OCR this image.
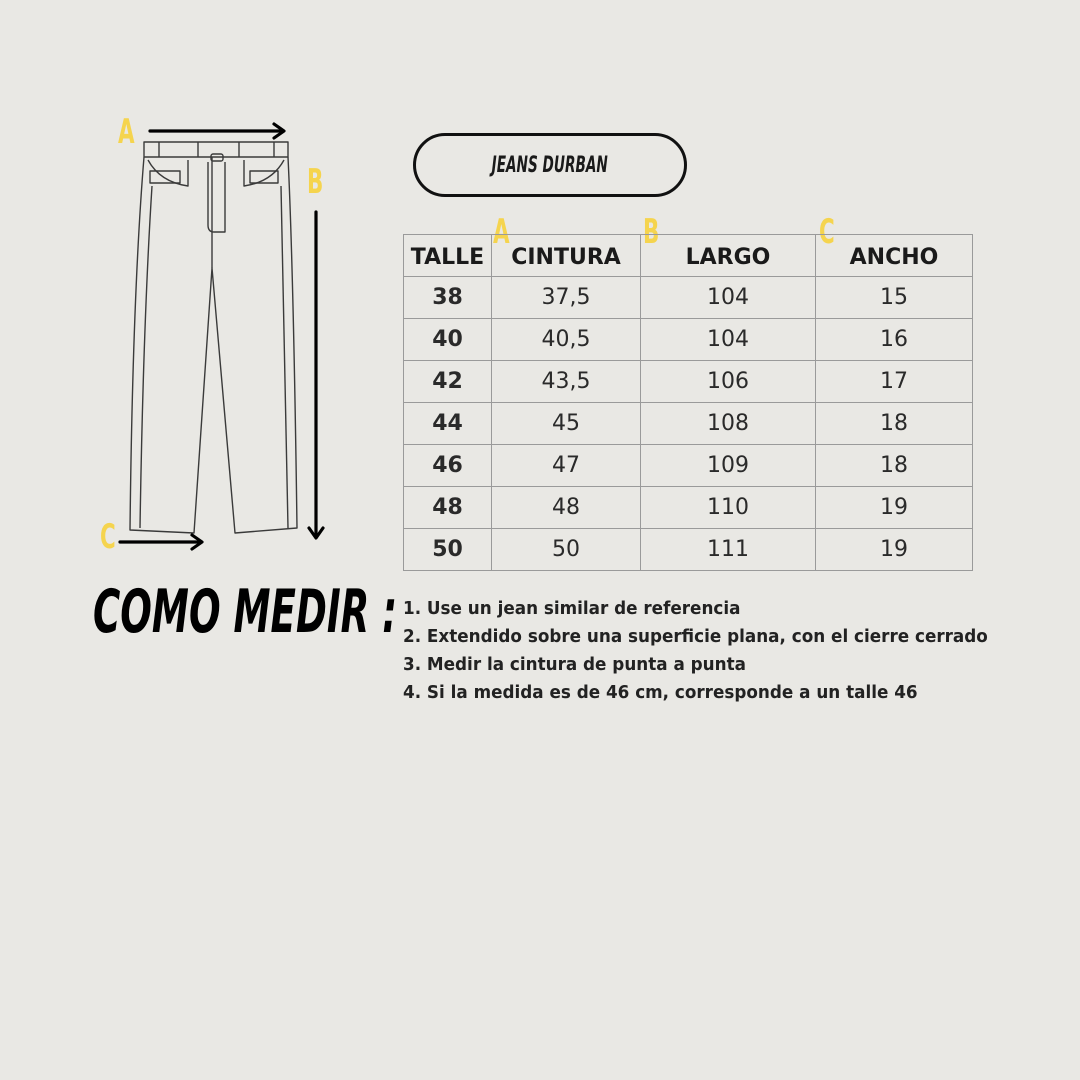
A
B
C
JEANS DURBAN
A	B	C
TALLE	CINTURA	LARGO	ANCHO
38	37,5	104	15
40	40,5	104	16
42	43,5	106	17
44	45	108	18
46	47	109	18
48	48	110	19
50	50	111	19
COMO MEDIR : 1. Use un jean similar de referencia
2. Extendido sobre una superficie plana, con el cierre cerrado
3. Medir la cintura de punta a punta
4. Si la medida es de 46 cm, corresponde a un talle 46
